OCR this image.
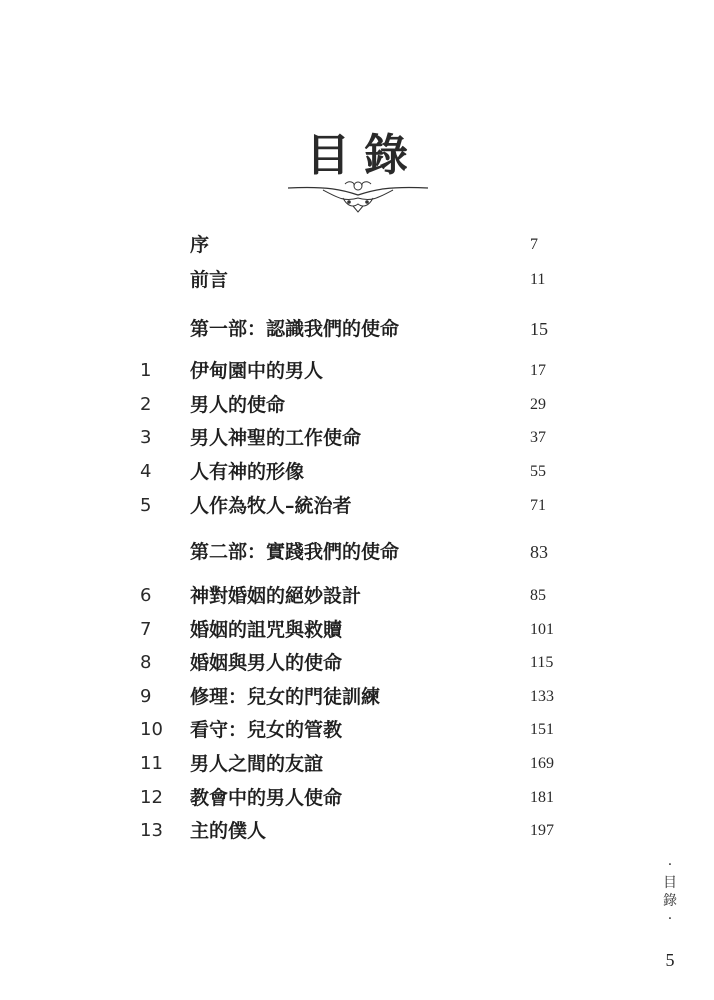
目錄
序	7
前言	11
第一部：認識我們的使命	15
1	伊甸園中的男人	17
2	男人的使命	29
3	男人神聖的工作使命	37
4	人有神的形像	55
5	人作為牧人–統治者	71
第二部：實踐我們的使命	83
6	神對婚姻的絕妙設計	85
7	婚姻的詛咒與救贖	101
8	婚姻與男人的使命	115
9	修理：兒女的門徒訓練	133
10	看守：兒女的管教	151
11	男人之間的友誼	169
12	教會中的男人使命	181
13	主的僕人	197
·
目
錄
·
5
